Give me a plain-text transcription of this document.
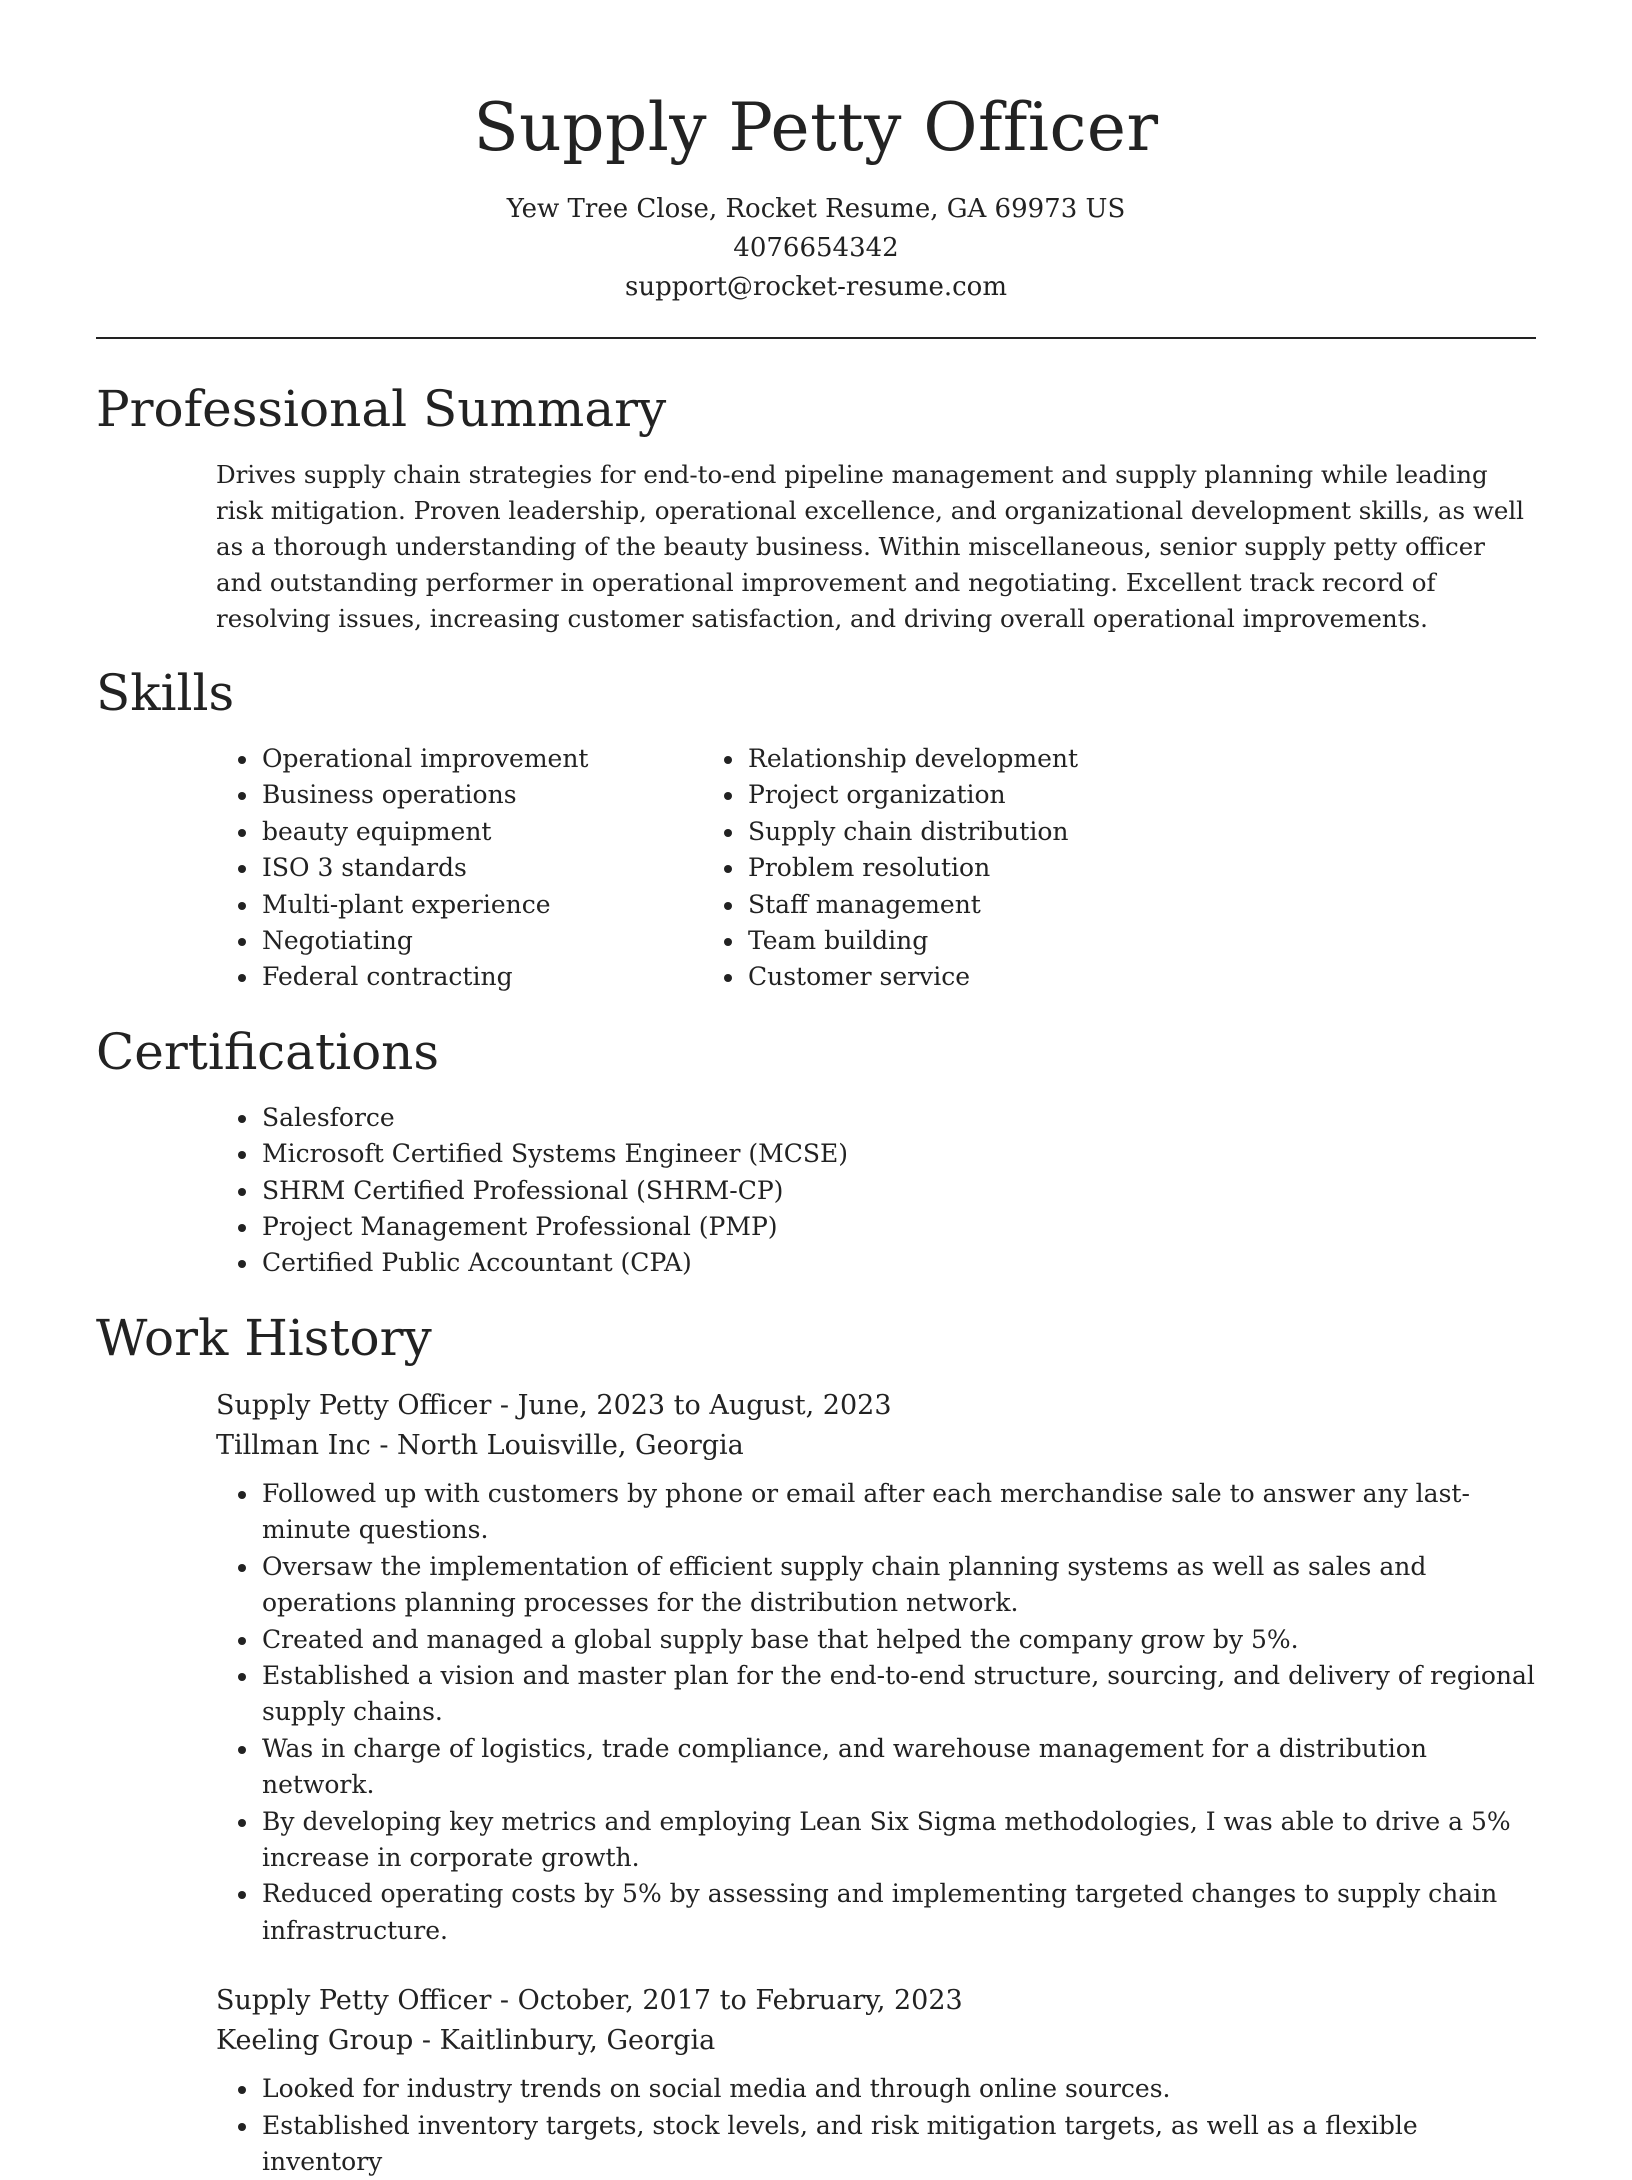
Supply Petty Officer
Yew Tree Close, Rocket Resume, GA 69973 US
4076654342
support@rocket-resume.com
Professional Summary

Drives supply chain strategies for end-to-end pipeline management and supply planning while leading risk mitigation. Proven leadership, operational excellence, and organizational development skills, as well as a thorough understanding of the beauty business. Within miscellaneous, senior supply petty officer and outstanding performer in operational improvement and negotiating. Excellent track record of resolving issues, increasing customer satisfaction, and driving overall operational improvements.

Skills
• Operational improvement
• Business operations
• beauty equipment
• ISO 3 standards
• Multi-plant experience
• Negotiating
• Federal contracting
• Relationship development
• Project organization
• Supply chain distribution
• Problem resolution
• Staff management
• Team building
• Customer service
Certifications
• Salesforce
• Microsoft Certified Systems Engineer (MCSE)
• SHRM Certified Professional (SHRM-CP)
• Project Management Professional (PMP)
• Certified Public Accountant (CPA)
Work History
Supply Petty Officer - June, 2023 to August, 2023
Tillman Inc - North Louisville, Georgia
• Followed up with customers by phone or email after each merchandise sale to answer any last-minute questions.
• Oversaw the implementation of efficient supply chain planning systems as well as sales and operations planning processes for the distribution network.
• Created and managed a global supply base that helped the company grow by 5%.
• Established a vision and master plan for the end-to-end structure, sourcing, and delivery of regional supply chains.
• Was in charge of logistics, trade compliance, and warehouse management for a distribution network.
• By developing key metrics and employing Lean Six Sigma methodologies, I was able to drive a 5% increase in corporate growth.
• Reduced operating costs by 5% by assessing and implementing targeted changes to supply chain infrastructure.
Supply Petty Officer - October, 2017 to February, 2023
Keeling Group - Kaitlinbury, Georgia
• Looked for industry trends on social media and through online sources.
• Established inventory targets, stock levels, and risk mitigation targets, as well as a flexible inventory
